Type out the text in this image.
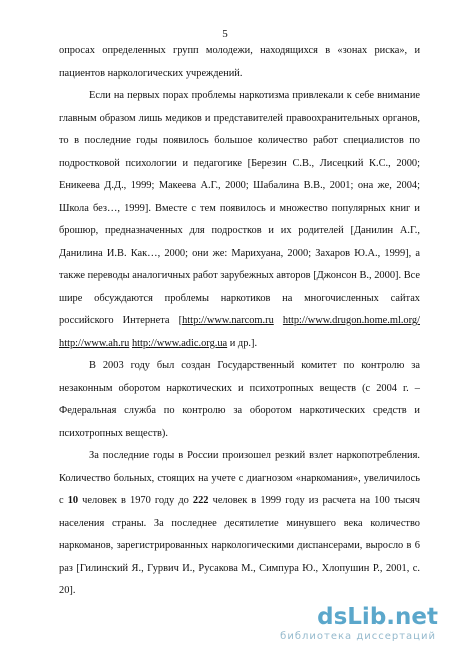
5

опросах определенных групп молодежи, находящихся в «зонах риска», и пациентов наркологических учреждений.

Если на первых порах проблемы наркотизма привлекали к себе внимание главным образом лишь медиков и представителей правоохранительных органов, то в последние годы появилось большое количество работ специалистов по подростковой психологии и педагогике [Березин С.В., Лисецкий К.С., 2000; Еникеева Д.Д., 1999; Макеева А.Г., 2000; Шабалина В.В., 2001; она же, 2004; Школа без…, 1999]. Вместе с тем появилось и множество популярных книг и брошюр, предназначенных для подростков и их родителей [Данилин А.Г., Данилина И.В. Как…, 2000; они же: Марихуана, 2000; Захаров Ю.А., 1999], а также переводы аналогичных работ зарубежных авторов [Джонсон В., 2000]. Все шире обсуждаются проблемы наркотиков на многочисленных сайтах российского Интернета [http://www.narcom.ru http://www.drugon.home.ml.org/ http://www.ah.ru http://www.adic.org.ua и др.].

В 2003 году был создан Государственный комитет по контролю за незаконным оборотом наркотических и психотропных веществ (с 2004 г. – Федеральная служба по контролю за оборотом наркотических средств и психотропных веществ).

За последние годы в России произошел резкий взлет наркопотребления. Количество больных, стоящих на учете с диагнозом «наркомания», увеличилось с 10 человек в 1970 году до 222 человек в 1999 году из расчета на 100 тысяч населения страны. За последнее десятилетие минувшего века количество наркоманов, зарегистрированных наркологическими диспансерами, выросло в 6 раз [Гилинский Я., Гурвич И., Русакова М., Симпура Ю., Хлопушин Р., 2001, с. 20].

dsLib.net
библиотека диссертаций
